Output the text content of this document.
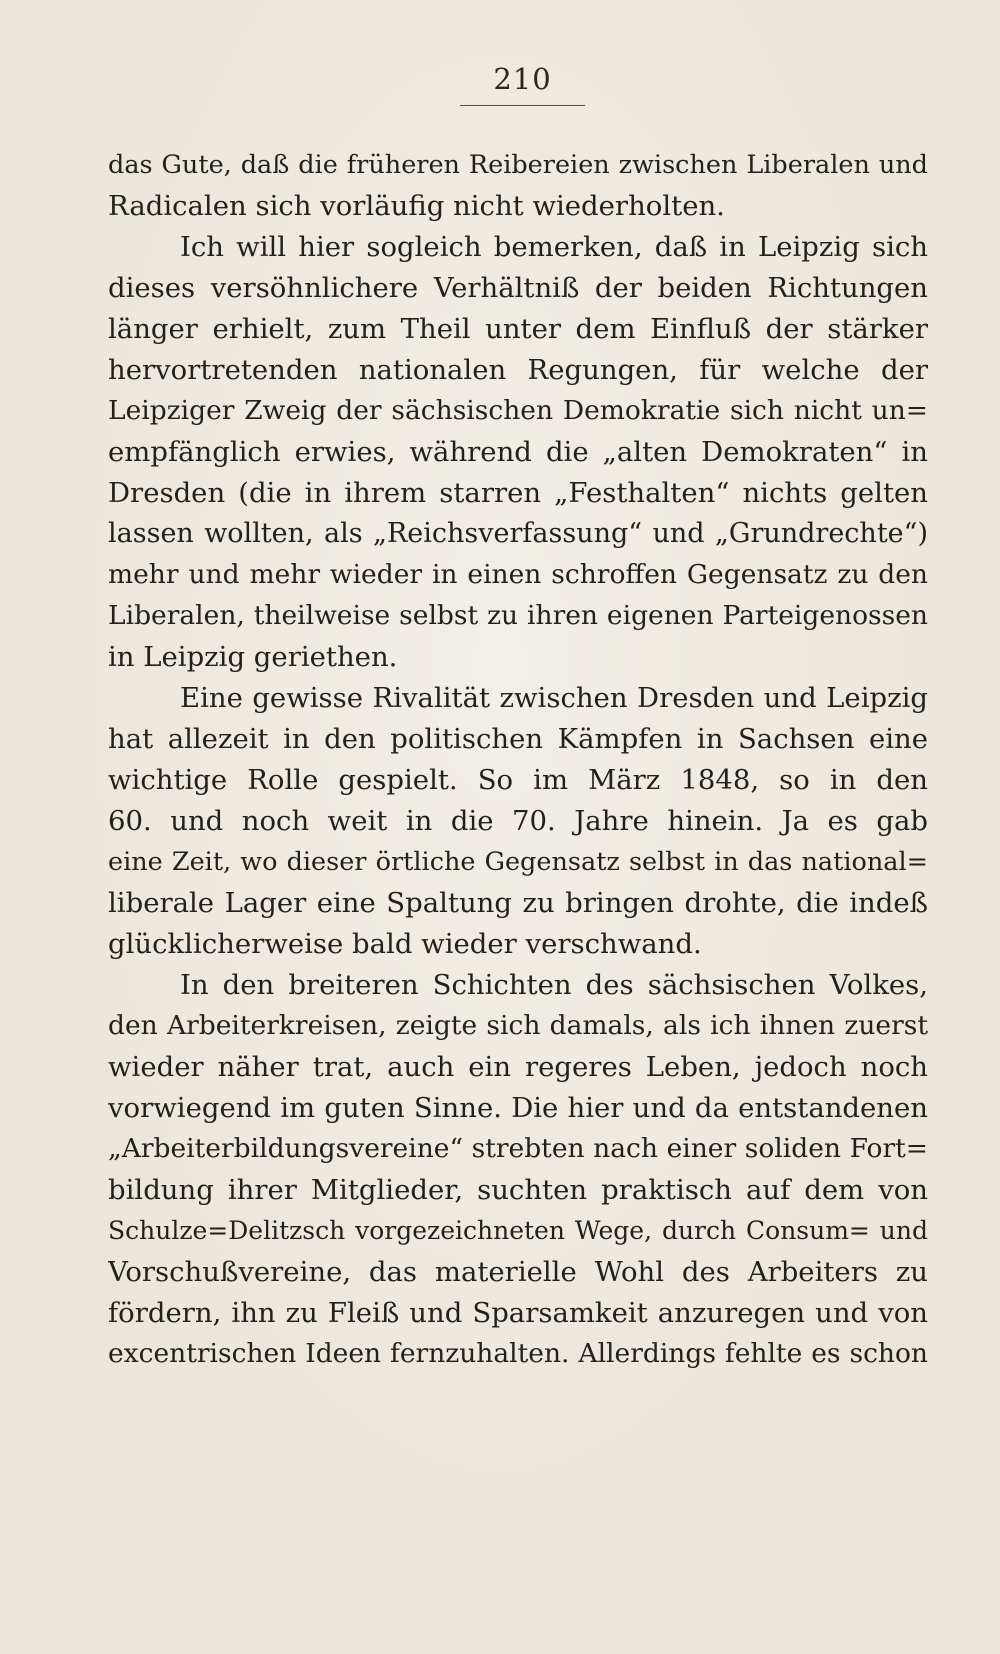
210
das Gute, daß die früheren Reibereien zwischen Liberalen und
Radicalen sich vorläufig nicht wiederholten.
Ich will hier sogleich bemerken, daß in Leipzig sich
dieses versöhnlichere Verhältniß der beiden Richtungen
länger erhielt, zum Theil unter dem Einfluß der stärker
hervortretenden nationalen Regungen, für welche der
Leipziger Zweig der sächsischen Demokratie sich nicht un=
empfänglich erwies, während die „alten Demokraten“ in
Dresden (die in ihrem starren „Festhalten“ nichts gelten
lassen wollten, als „Reichsverfassung“ und „Grundrechte“)
mehr und mehr wieder in einen schroffen Gegensatz zu den
Liberalen, theilweise selbst zu ihren eigenen Parteigenossen
in Leipzig geriethen.
Eine gewisse Rivalität zwischen Dresden und Leipzig
hat allezeit in den politischen Kämpfen in Sachsen eine
wichtige Rolle gespielt. So im März 1848, so in den
60. und noch weit in die 70. Jahre hinein. Ja es gab
eine Zeit, wo dieser örtliche Gegensatz selbst in das national=
liberale Lager eine Spaltung zu bringen drohte, die indeß
glücklicherweise bald wieder verschwand.
In den breiteren Schichten des sächsischen Volkes,
den Arbeiterkreisen, zeigte sich damals, als ich ihnen zuerst
wieder näher trat, auch ein regeres Leben, jedoch noch
vorwiegend im guten Sinne. Die hier und da entstandenen
„Arbeiterbildungsvereine“ strebten nach einer soliden Fort=
bildung ihrer Mitglieder, suchten praktisch auf dem von
Schulze=Delitzsch vorgezeichneten Wege, durch Consum= und
Vorschußvereine, das materielle Wohl des Arbeiters zu
fördern, ihn zu Fleiß und Sparsamkeit anzuregen und von
excentrischen Ideen fernzuhalten. Allerdings fehlte es schon
